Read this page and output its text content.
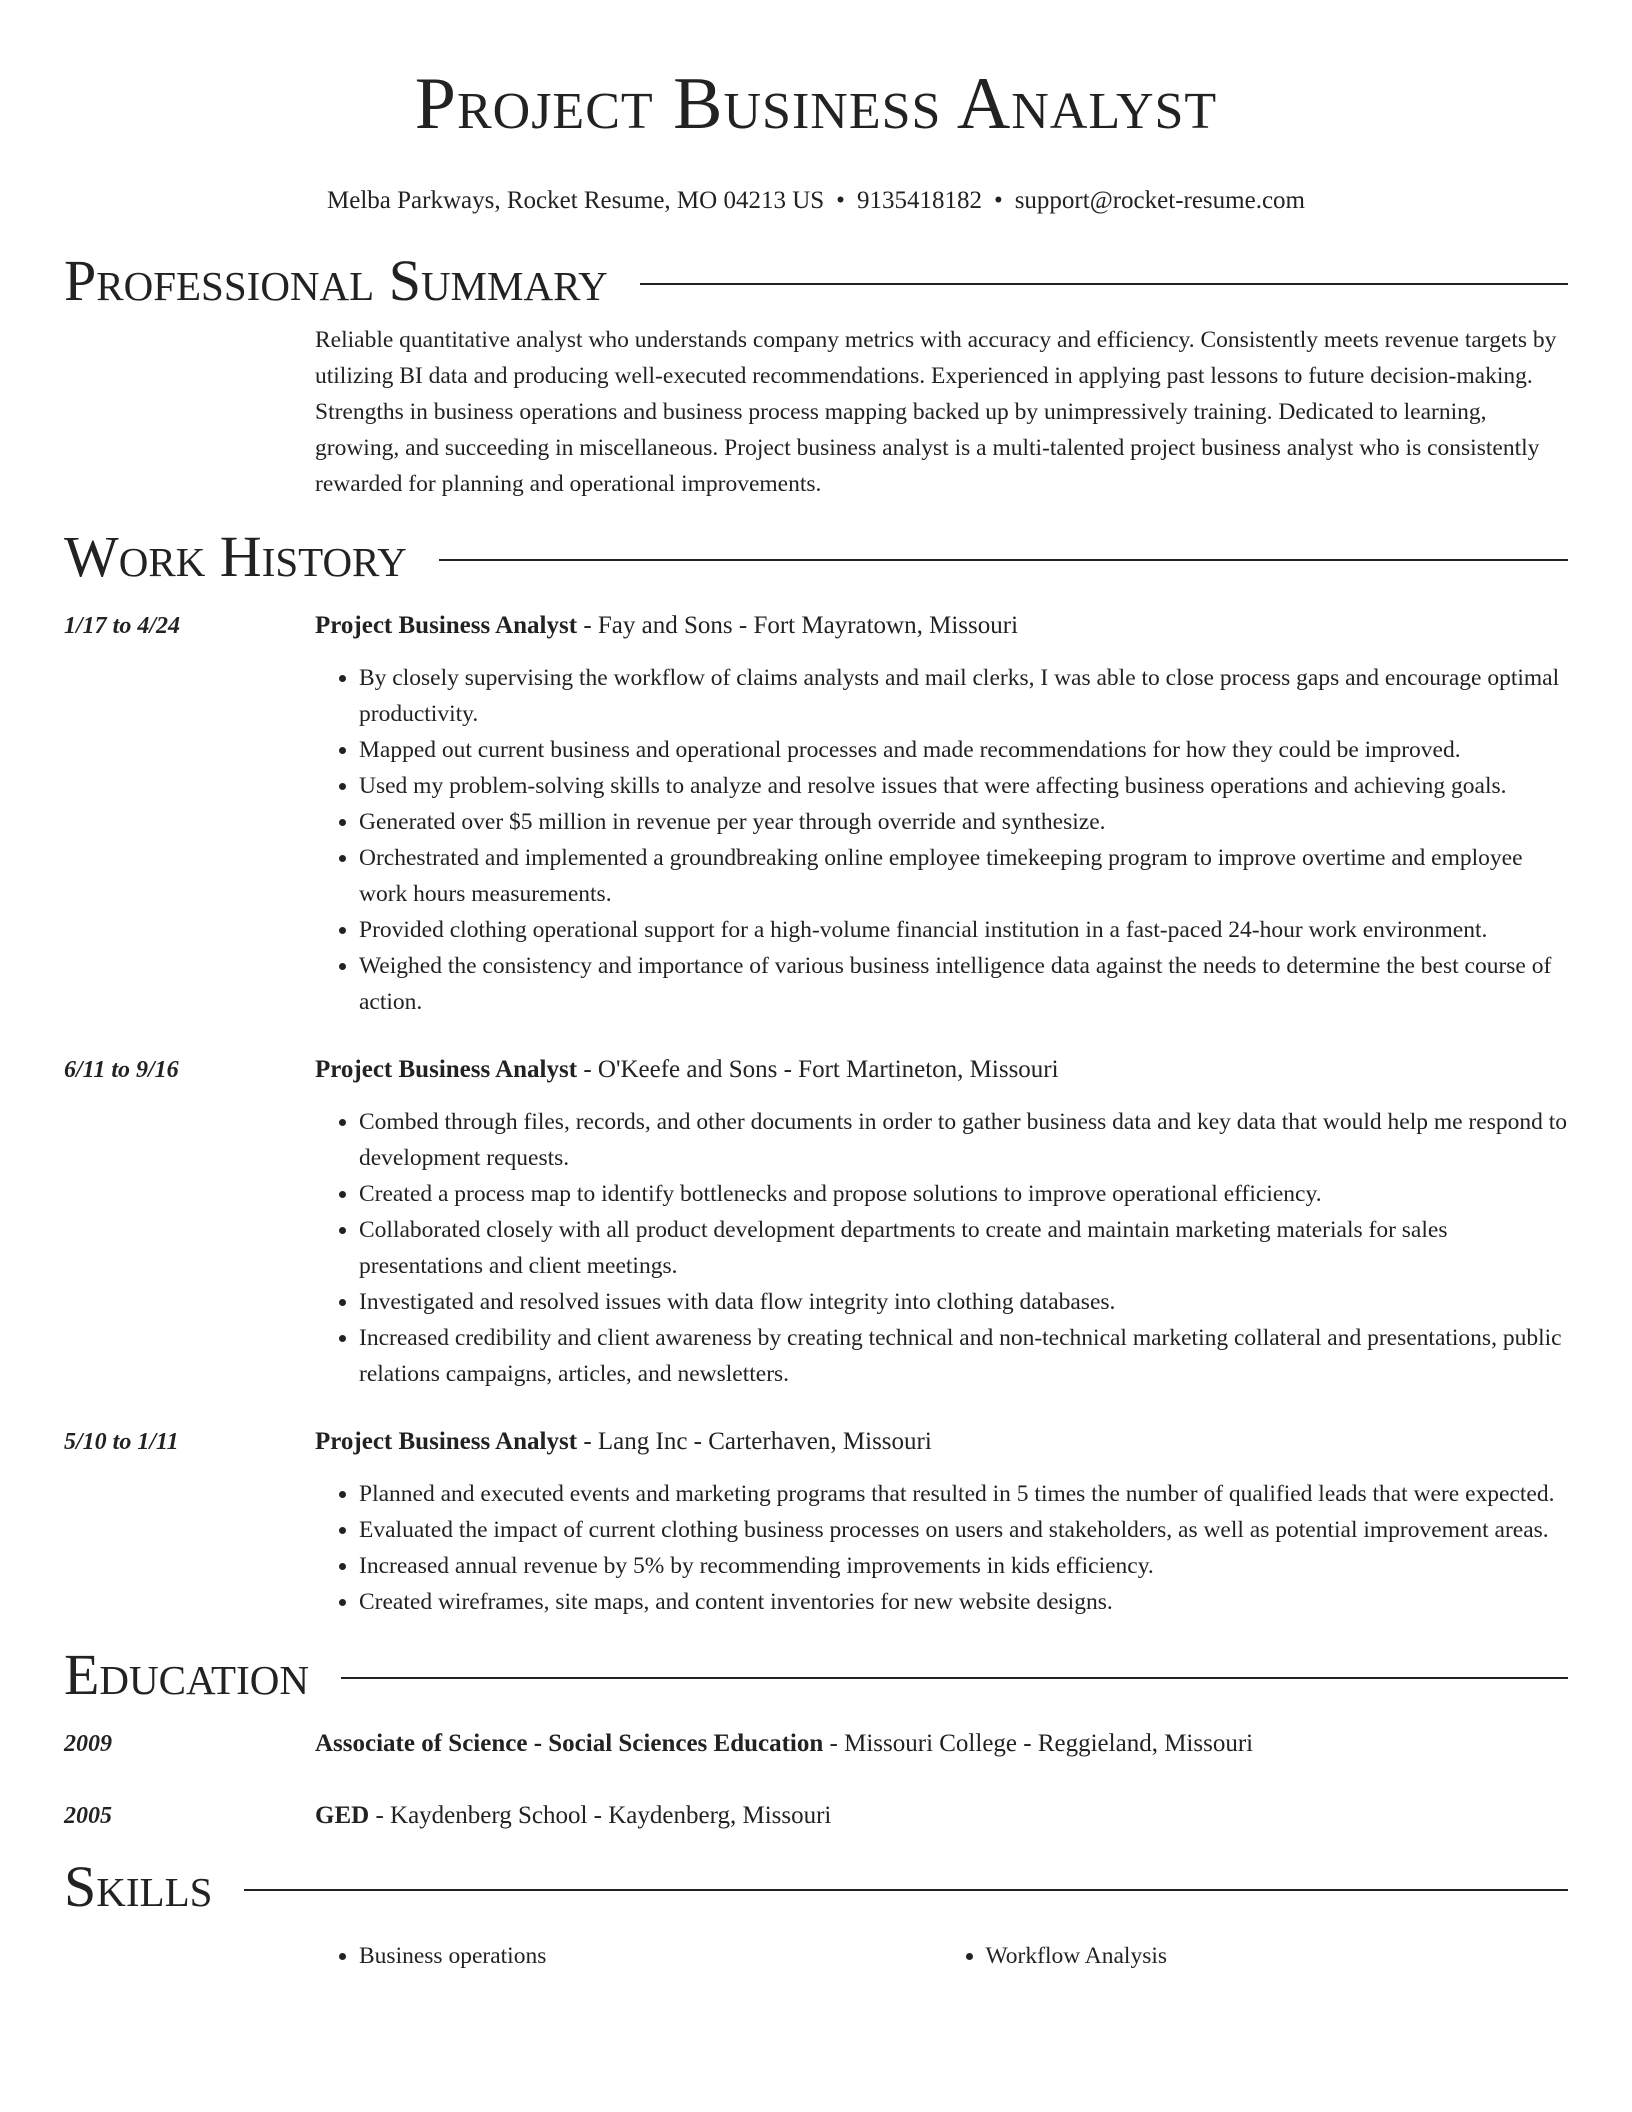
Project Business Analyst
Melba Parkways, Rocket Resume, MO 04213 US • 9135418182 • support@rocket-resume.com
Professional Summary
Reliable quantitative analyst who understands company metrics with accuracy and efficiency. Consistently meets revenue targets by utilizing BI data and producing well-executed recommendations. Experienced in applying past lessons to future decision-making. Strengths in business operations and business process mapping backed up by unimpressively training. Dedicated to learning, growing, and succeeding in miscellaneous. Project business analyst is a multi-talented project business analyst who is consistently rewarded for planning and operational improvements.
Work History
1/17 to 4/24	Project Business Analyst - Fay and Sons - Fort Mayratown, Missouri
• By closely supervising the workflow of claims analysts and mail clerks, I was able to close process gaps and encourage optimal productivity.
• Mapped out current business and operational processes and made recommendations for how they could be improved.
• Used my problem-solving skills to analyze and resolve issues that were affecting business operations and achieving goals.
• Generated over $5 million in revenue per year through override and synthesize.
• Orchestrated and implemented a groundbreaking online employee timekeeping program to improve overtime and employee work hours measurements.
• Provided clothing operational support for a high-volume financial institution in a fast-paced 24-hour work environment.
• Weighed the consistency and importance of various business intelligence data against the needs to determine the best course of action.
6/11 to 9/16	Project Business Analyst - O'Keefe and Sons - Fort Martineton, Missouri
• Combed through files, records, and other documents in order to gather business data and key data that would help me respond to development requests.
• Created a process map to identify bottlenecks and propose solutions to improve operational efficiency.
• Collaborated closely with all product development departments to create and maintain marketing materials for sales presentations and client meetings.
• Investigated and resolved issues with data flow integrity into clothing databases.
• Increased credibility and client awareness by creating technical and non-technical marketing collateral and presentations, public relations campaigns, articles, and newsletters.
5/10 to 1/11	Project Business Analyst - Lang Inc - Carterhaven, Missouri
• Planned and executed events and marketing programs that resulted in 5 times the number of qualified leads that were expected.
• Evaluated the impact of current clothing business processes on users and stakeholders, as well as potential improvement areas.
• Increased annual revenue by 5% by recommending improvements in kids efficiency.
• Created wireframes, site maps, and content inventories for new website designs.
Education
2009	Associate of Science - Social Sciences Education - Missouri College - Reggieland, Missouri
2005	GED - Kaydenberg School - Kaydenberg, Missouri
Skills
• Business operations
•	Workflow Analysis
